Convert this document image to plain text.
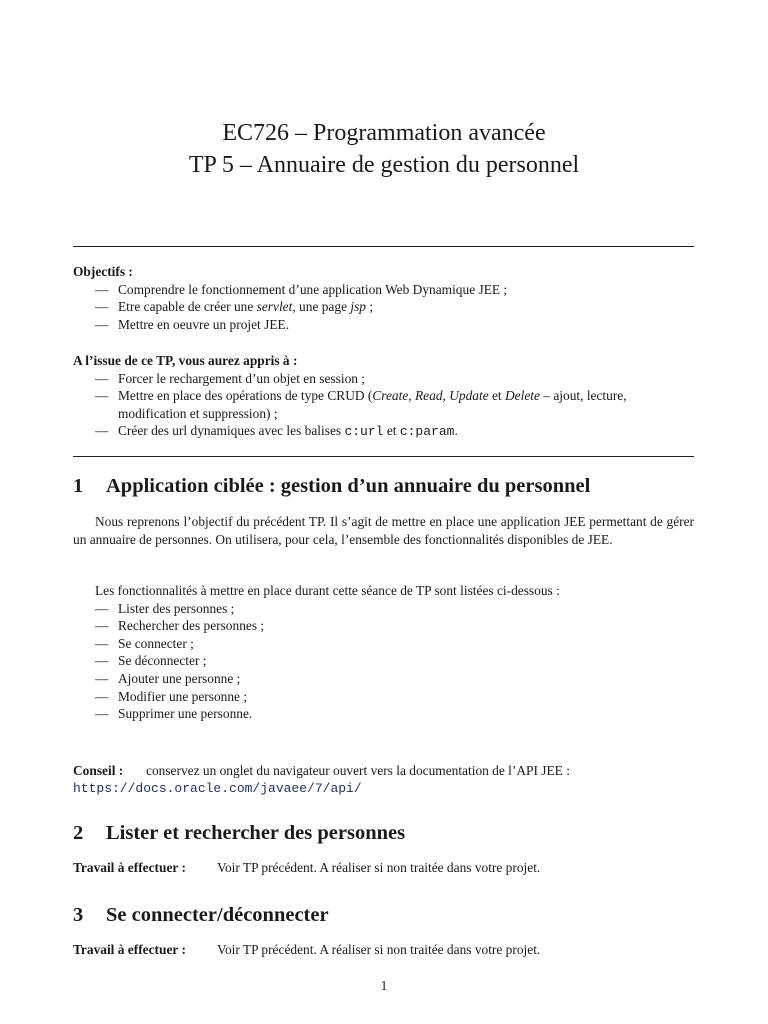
EC726 – Programmation avancée
TP 5 – Annuaire de gestion du personnel
Objectifs :
— Comprendre le fonctionnement d’une application Web Dynamique JEE ;
— Etre capable de créer une servlet, une page jsp ;
— Mettre en oeuvre un projet JEE.
A l’issue de ce TP, vous aurez appris à :
— Forcer le rechargement d’un objet en session ;
— Mettre en place des opérations de type CRUD (Create, Read, Update et Delete – ajout, lecture, modification et suppression) ;
— Créer des url dynamiques avec les balises c:url et c:param.
1 Application ciblée : gestion d’un annuaire du personnel
Nous reprenons l’objectif du précédent TP. Il s’agit de mettre en place une application JEE permettant de gérer un annuaire de personnes. On utilisera, pour cela, l’ensemble des fonctionnalités disponibles de JEE.
Les fonctionnalités à mettre en place durant cette séance de TP sont listées ci-dessous :
— Lister des personnes ;
— Rechercher des personnes ;
— Se connecter ;
— Se déconnecter ;
— Ajouter une personne ;
— Modifier une personne ;
— Supprimer une personne.
Conseil : conservez un onglet du navigateur ouvert vers la documentation de l’API JEE :
https://docs.oracle.com/javaee/7/api/
2 Lister et rechercher des personnes
Travail à effectuer : Voir TP précédent. A réaliser si non traitée dans votre projet.
3 Se connecter/déconnecter
Travail à effectuer : Voir TP précédent. A réaliser si non traitée dans votre projet.
1
